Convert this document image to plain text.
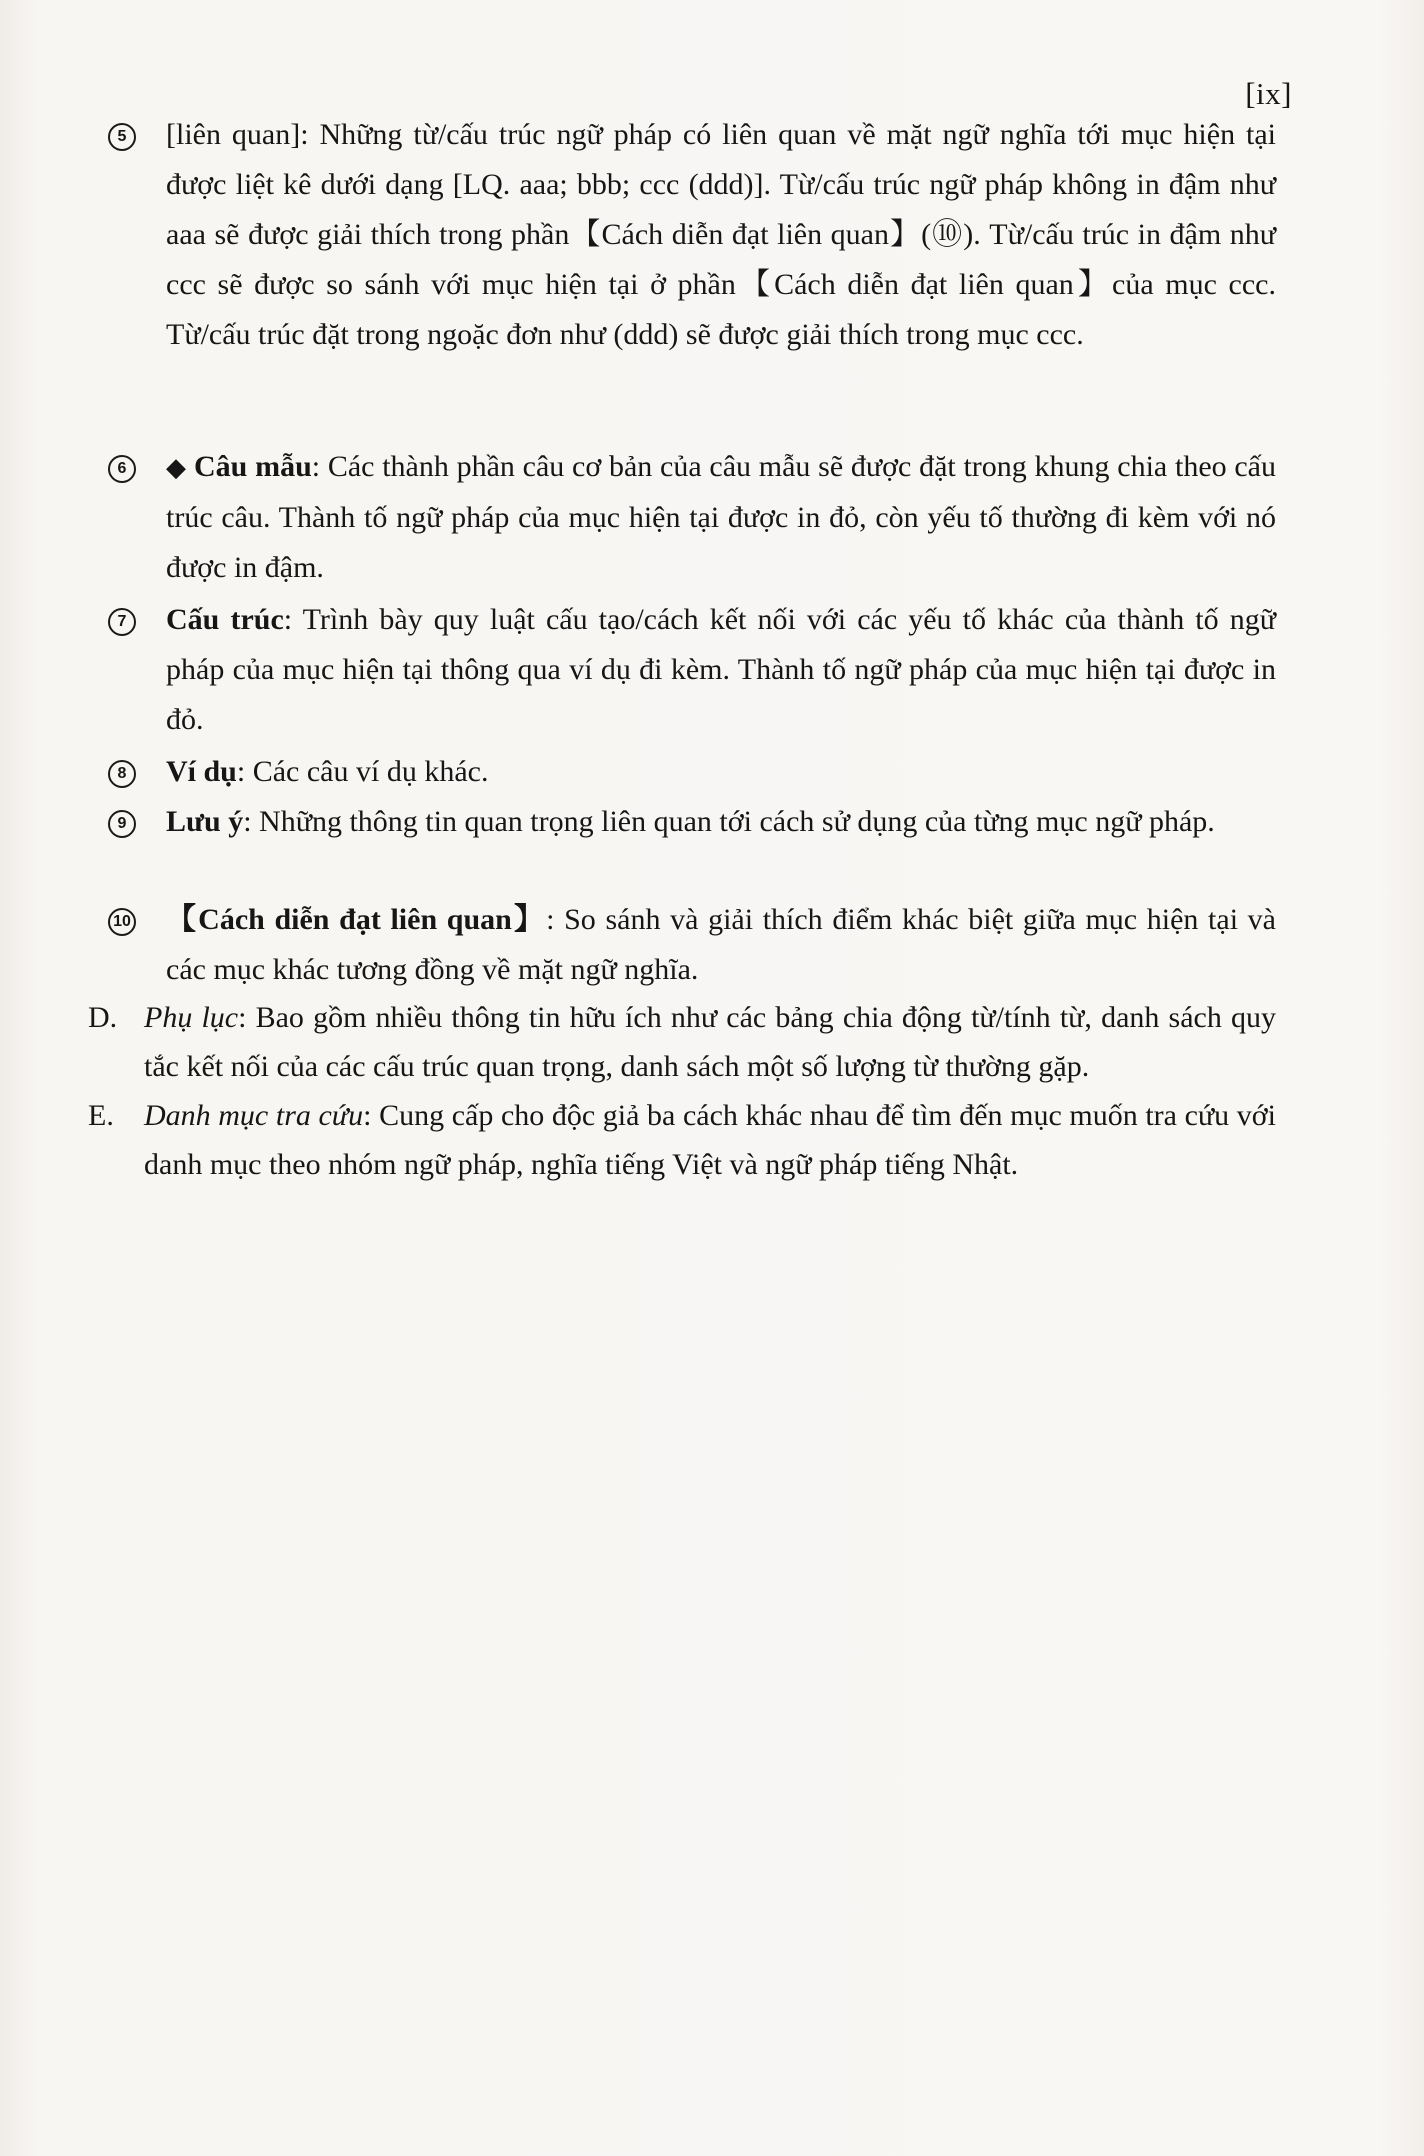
[ix]
5	[liên quan]: Những từ/cấu trúc ngữ pháp có liên quan về mặt ngữ nghĩa tới mục hiện tại được liệt kê dưới dạng [LQ. aaa; bbb; ccc (ddd)]. Từ/cấu trúc ngữ pháp không in đậm như aaa sẽ được giải thích trong phần【Cách diễn đạt liên quan】(⑩). Từ/cấu trúc in đậm như ccc sẽ được so sánh với mục hiện tại ở phần【Cách diễn đạt liên quan】của mục ccc. Từ/cấu trúc đặt trong ngoặc đơn như (ddd) sẽ được giải thích trong mục ccc.
6	◆ Câu mẫu: Các thành phần câu cơ bản của câu mẫu sẽ được đặt trong khung chia theo cấu trúc câu. Thành tố ngữ pháp của mục hiện tại được in đỏ, còn yếu tố thường đi kèm với nó được in đậm.
7	Cấu trúc: Trình bày quy luật cấu tạo/cách kết nối với các yếu tố khác của thành tố ngữ pháp của mục hiện tại thông qua ví dụ đi kèm. Thành tố ngữ pháp của mục hiện tại được in đỏ.
8	Ví dụ: Các câu ví dụ khác.
9	Lưu ý: Những thông tin quan trọng liên quan tới cách sử dụng của từng mục ngữ pháp.
10 【Cách diễn đạt liên quan】: So sánh và giải thích điểm khác biệt giữa mục hiện tại và các mục khác tương đồng về mặt ngữ nghĩa.
D. Phụ lục: Bao gồm nhiều thông tin hữu ích như các bảng chia động từ/tính từ, danh sách quy tắc kết nối của các cấu trúc quan trọng, danh sách một số lượng từ thường gặp.
E. Danh mục tra cứu: Cung cấp cho độc giả ba cách khác nhau để tìm đến mục muốn tra cứu với danh mục theo nhóm ngữ pháp, nghĩa tiếng Việt và ngữ pháp tiếng Nhật.
